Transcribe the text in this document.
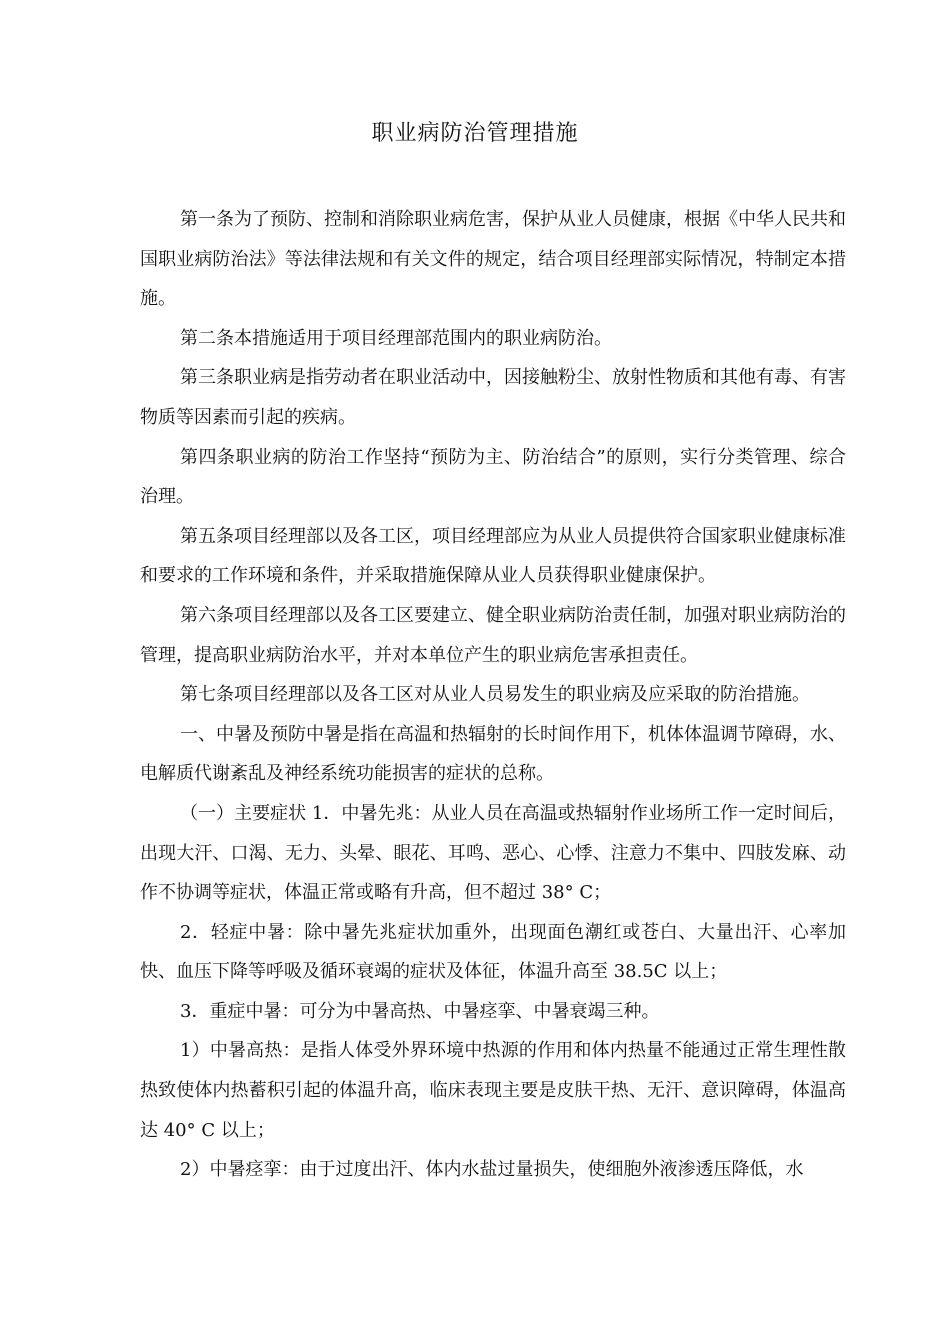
职业病防治管理措施

第一条为了预防、控制和消除职业病危害，保护从业人员健康，根据《中华人民共和国职业病防治法》等法律法规和有关文件的规定，结合项目经理部实际情况，特制定本措施。

第二条本措施适用于项目经理部范围内的职业病防治。

第三条职业病是指劳动者在职业活动中，因接触粉尘、放射性物质和其他有毒、有害物质等因素而引起的疾病。

第四条职业病的防治工作坚持“预防为主、防治结合”的原则，实行分类管理、综合治理。

第五条项目经理部以及各工区，项目经理部应为从业人员提供符合国家职业健康标准和要求的工作环境和条件，并采取措施保障从业人员获得职业健康保护。

第六条项目经理部以及各工区要建立、健全职业病防治责任制，加强对职业病防治的管理，提高职业病防治水平，并对本单位产生的职业病危害承担责任。

第七条项目经理部以及各工区对从业人员易发生的职业病及应采取的防治措施。

一、中暑及预防中暑是指在高温和热辐射的长时间作用下，机体体温调节障碍，水、电解质代谢紊乱及神经系统功能损害的症状的总称。

（一）主要症状 1．中暑先兆：从业人员在高温或热辐射作业场所工作一定时间后，出现大汗、口渴、无力、头晕、眼花、耳鸣、恶心、心悸、注意力不集中、四肢发麻、动作不协调等症状，体温正常或略有升高，但不超过 38° C；

2．轻症中暑：除中暑先兆症状加重外，出现面色潮红或苍白、大量出汗、心率加快、血压下降等呼吸及循环衰竭的症状及体征，体温升高至 38.5C 以上；

3．重症中暑：可分为中暑高热、中暑痉挛、中暑衰竭三种。

1）中暑高热：是指人体受外界环境中热源的作用和体内热量不能通过正常生理性散热致使体内热蓄积引起的体温升高，临床表现主要是皮肤干热、无汗、意识障碍，体温高达 40° C 以上；

2）中暑痉挛：由于过度出汗、体内水盐过量损失，使细胞外液渗透压降低，水
